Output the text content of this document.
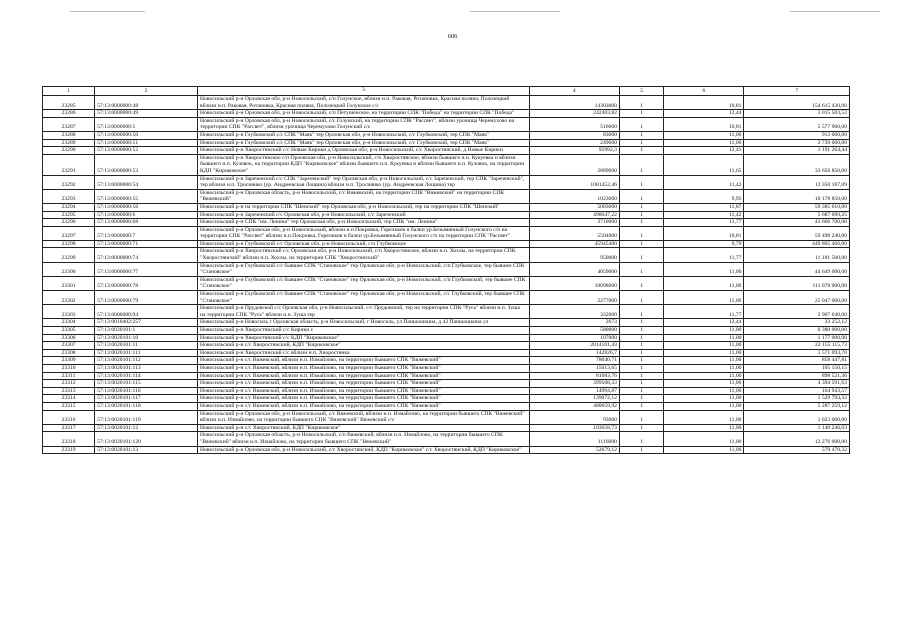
606
1	2	3	4	5	6	7
23285	57:13:0000000:48	Новосильский р-н Орловская обл, р-н Новосильский, с/п Голунское, вблизи н.п. Раковая, Ротановка, Красная поляна, Полозецкий вблизи н.п. Раковая, Ротановка, Красная поляна, Полозецкий Голунское с/с	14303000	1	10,81	154 615 430,00
23286	57:13:0000000:49	Новосильский р-н Орловская обл, р-н Новосильский, с/п Петушенское, на территории СПК "Победа" на территории СПК "Победа"	242403,82	1	12,44	3 015 503,52
23287	57:13:0000000:5	Новосильский р-н Орловская обл, р-н Новосильский, с/с Голунский, на территории СПК "Рассвет", вблизи урочища Черемухово на территории СПК "Рассвет", вблизи урочища Черемухово Голунский с/с	516000	1	10,81	5 577 960,00
23288	57:13:0000000:50	Новосильский р-н Глубковский с/с СПК "Маяк" тер Орловская обл, р-н Новосильский, с/с Глубковский, тер СПК "Маяк"	83000	1	11,00	913 000,00
23289	57:13:0000000:51	Новосильский р-н Глубковский с/с СПК "Маяк" тер Орловская обл, р-н Новосильский, с/с Глубковский, тер СПК "Маяк"	249000	1	11,00	2 739 000,00
23290	57:13:0000000:52	Новосильский р-н Хворостянский с/с Новые Кирики д Орловская обл, р-н Новосильский, с/с Хворостянский, д Новые Кирики	95992,3	1	12,41	1 191 264,44
23291	57:13:0000000:53	Новосильский р-н Хворостянское с/п Орловская обл, р-н Новосильский, с/п Хворостянское, вблизи бывшего н.п. Кукуевка и вблизи бывшего н.п. Кузовок, на территории КДП "Кириковское" вблизи бывшего н.п. Кукуевка и вблизи бывшего н.п. Кузовок, на территории КДП "Кириковское"	2889000	1	11,65	33 656 850,00
23292	57:13:0000000:54	Новосильский р-н Зареченский с/с СПК "Зареченский" тер Орловская обл, р-н Новосильский, с/с Зареченский, тер СПК "Зареченский", тер вблизи н.п. Троснянко (ур. Андреевская Лощина) вблизи н.п. Троснянко (ур. Андреевская Лощина) тер	1081452,46	1	11,42	12 350 187,09
23293	57:13:0000000:55	Новосильский р-н Орловская область, р-н Новосильский, с/с Вяжевский, на территории СПК "Вяжевский" на территории СПК "Вяжевский"	1023000	1	9,95	10 178 850,00
23294	57:13:0000000:56	Новосильский р-н на территории СПК "Шенский" тер Орловская обл, р-н Новосильский, тер на территории СПК "Шенский"	5003000	1	11,87	59 385 610,00
23295	57:13:0000000:6	Новосильский р-н Зареченский с/с Орловская обл, р-н Новосильский, с/с Зареченский	498047,22	1	11,42	5 687 699,25
23296	57:13:0000000:68	Новосильский р-н СПК "им. Ленина" тер Орловская обл, р-н Новосильский, тер СПК "им. Ленина"	3710000	1	11,77	43 666 700,00
23297	57:13:0000000:7	Новосильский р-н Орловская обл, р-н Новосильский, вблизи н.п.Покровка, Горелкков и балки ур.Безымянный Голунского с/п на территории СПК "Рассвет" вблизи н.п.Покровка, Горелкков и балки ур.Безымянный Голунского с/п на территории СПК "Рассвет"	5504000	1	10,81	59 498 240,00
23298	57:13:0000000:71	Новосильский р-н Глубковский с/с Орловская обл, р-н Новосильский, с/п Глубковское	45945400	1	9,79	449 805 466,00
23299	57:13:0000000:74	Новосильский р-н Хворостянский с/с Орловская обл, р-н Новосильский, с/п Хворостянское, вблизи н.п. Хохлы, на территории СПК "Хворостянский" вблизи н.п. Хохлы, на территории СПК "Хворостянский"	950000	1	11,77	11 181 500,00
23300	57:13:0000000:77	Новосильский р-н Глубковский с/с бывшее СПК "Становское" тер Орловская обл, р-н Новосильский, с/п Глубковское, тер бывшее СПК "Становское"	4059000	1	11,00	44 649 000,00
23301	57:13:0000000:78	Новосильский р-н Глубковский с/с бывшее СПК "Становское" тер Орловская обл, р-н Новосильский, с/п Глубковский, тер бывшее СПК "Становское"	10098000	1	11,00	111 078 000,00
23302	57:13:0000000:79	Новосильский р-н Глубковский с/с бывшее СПК "Становское" тер Орловская обл, р-н Новосильский, с/с Глубковский, тер бывшее СПК "Становское"	2277000	1	11,00	25 047 000,00
23303	57:13:0000000:94	Новосильский р-н Прудовской с/с Орловская обл, р-н Новосильский, с/с Прудовской, тер на территории СПК "Русь" вблизи н.п. Зуша на территории СПК "Русь" вблизи н.п. Зуша тер	332000	1	11,77	3 907 640,00
23304	57:13:0010402:257	Новосильский р-н Новосиль г Орловская область, р-н Новосильский, г Новосиль, ул Паншошкина, д 42 Паншошкина ул	2673	1	12,44	33 252,12
23305	57:13:0020101:1	Новосильский р-н Хворостянский с/с Кирики с	580000	1	11,00	6 380 000,00
23306	57:13:0020101:10	Новосильский р-н Хворостянский с/с КДП "Кириковское"	107000	1	11,00	1 177 000,00
23307	57:13:0020101:11	Новосильский р-н с/с Хворостянский, КДП "Кириковское"	2014101,43	1	11,00	22 155 115,73
23308	57:13:0020101:111	Новосильский р-н Хворостянский с/с вблизи н.п. Хворостянка	142826,7	1	11,00	1 571 093,70
23309	57:13:0020101:112	Новосильский р-н с/с Вяжевский, вблизи н.п. Измайлово, на территории бывшего СПК "Вяжевский"	78040,71	1	11,00	858 447,81
23310	57:13:0020101:113	Новосильский р-н с/с Вяжевский, вблизи н.п. Измайлово, на территории бывшего СПК "Вяжевский"	15013,65	1	11,00	165 150,15
23311	57:13:0020101:114	Новосильский р-н с/с Вяжевский, вблизи н.п. Измайлово, на территории бывшего СПК "Вяжевский"	81683,76	1	11,00	898 521,36
23312	57:13:0020101:115	Новосильский р-н с/с Вяжевский, вблизи н.п. Измайлово, на территории бывшего СПК "Вяжевский"	399508,33	1	11,00	4 394 591,63
23313	57:13:0020101:116	Новосильский р-н с/с Вяжевский, вблизи н.п. Измайлово, на территории бывшего СПК "Вяжевский"	14994,87	1	11,00	164 943,57
23314	57:13:0020101:117	Новосильский р-н с/с Вяжевский, вблизи н.п. Измайлово, на территории бывшего СПК "Вяжевский"	139072,12	1	11,00	1 529 793,32
23315	57:13:0020101:118	Новосильский р-н с/с Вяжевский, вблизи н.п. Измайлово, на территории бывшего СПК "Вяжевский"	480659,92	1	11,00	5 287 259,12
23316	57:13:0020101:119	Новосильский р-н Орловская обл, р-н Новосильский, с/с Вяжевский, вблизи н.п. Измайлово, на территории бывшего СПК "Вяжевский" вблизи н.п. Измайлово, на территории бывшего СПК "Вяжевский" Вяжевский с/с	93000	1	11,00	1 023 000,00
23317	57:13:0020101:12	Новосильский р-н с/с Хворостянский, КДП "Кириковское"	103658,73	1	11,00	1 140 246,03
23318	57:13:0020101:120	Новосильский р-н Орловская область, р-н Новосильский, с/п Вяжевский, вблизи н.п. Измайлово, на территории бывшего СПК "Вяжевский" вблизи н.п. Измайлово, на территории бывшего СПК "Вяжевский"	1116000	1	11,00	12 276 000,00
23319	57:13:0020101:13	Новосильский р-н Орловская обл, р-н Новосильский, с/с Хворостянский, КДП "Кириковское" с/с Хворостянский, КДП "Кириковское"	52679,12	1	11,00	579 470,32
